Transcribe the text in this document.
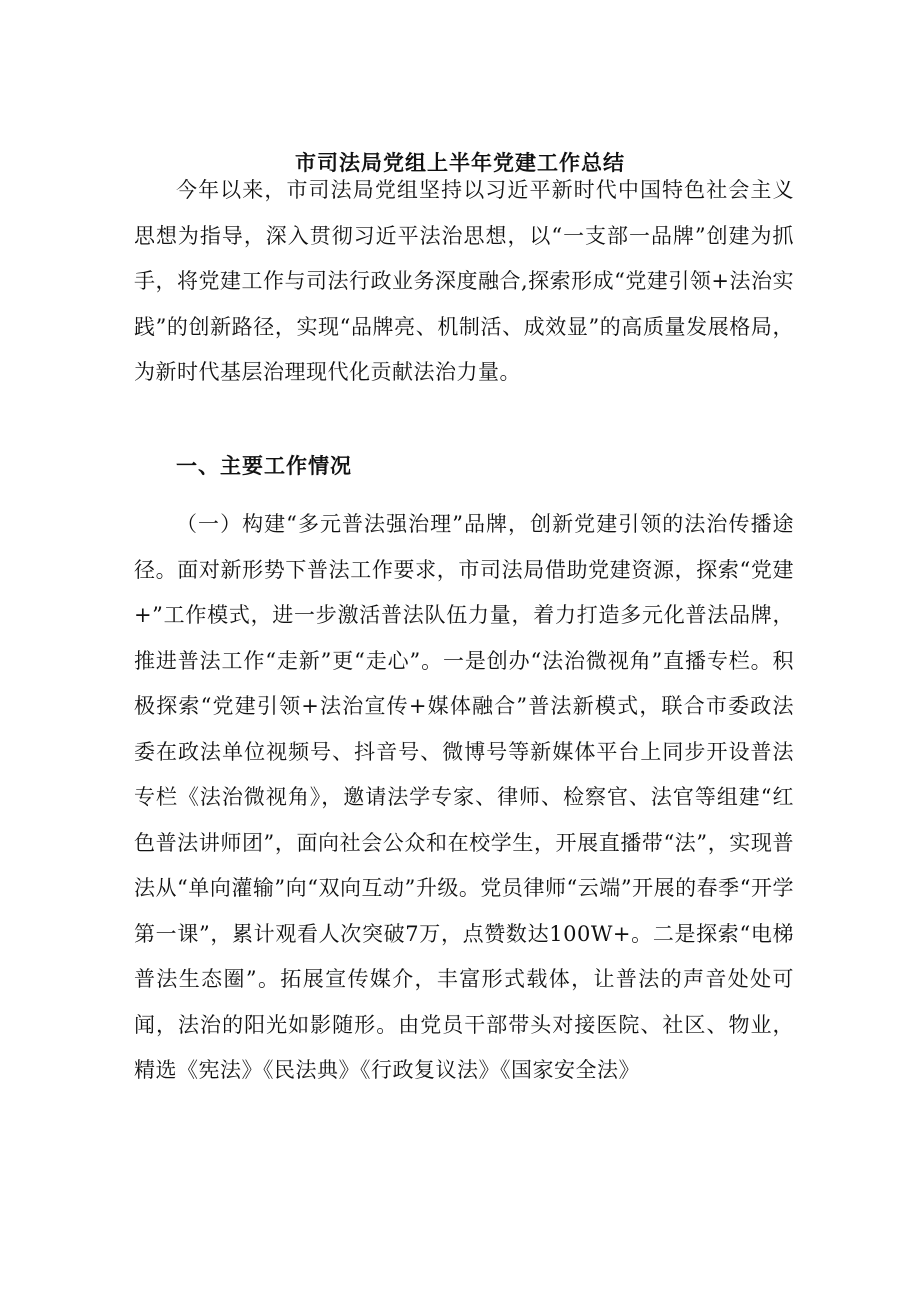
市司法局党组上半年党建工作总结

今年以来，市司法局党组坚持以习近平新时代中国特色社会主义思想为指导，深入贯彻习近平法治思想，以“一支部一品牌”创建为抓手，将党建工作与司法行政业务深度融合,探索形成“党建引领+法治实践”的创新路径，实现“品牌亮、机制活、成效显”的高质量发展格局，为新时代基层治理现代化贡献法治力量。

一、主要工作情况

（一）构建“多元普法强治理”品牌，创新党建引领的法治传播途径。面对新形势下普法工作要求，市司法局借助党建资源，探索“党建+”工作模式，进一步激活普法队伍力量，着力打造多元化普法品牌，推进普法工作“走新”更“走心”。一是创办“法治微视角”直播专栏。积极探索“党建引领+法治宣传+媒体融合”普法新模式，联合市委政法委在政法单位视频号、抖音号、微博号等新媒体平台上同步开设普法专栏《法治微视角》，邀请法学专家、律师、检察官、法官等组建“红色普法讲师团”，面向社会公众和在校学生，开展直播带“法”，实现普法从“单向灌输”向“双向互动”升级。党员律师“云端”开展的春季“开学第一课”，累计观看人次突破7万，点赞数达100W+。二是探索“电梯普法生态圈”。拓展宣传媒介，丰富形式载体，让普法的声音处处可闻，法治的阳光如影随形。由党员干部带头对接医院、社区、物业，精选《宪法》《民法典》《行政复议法》《国家安全法》
